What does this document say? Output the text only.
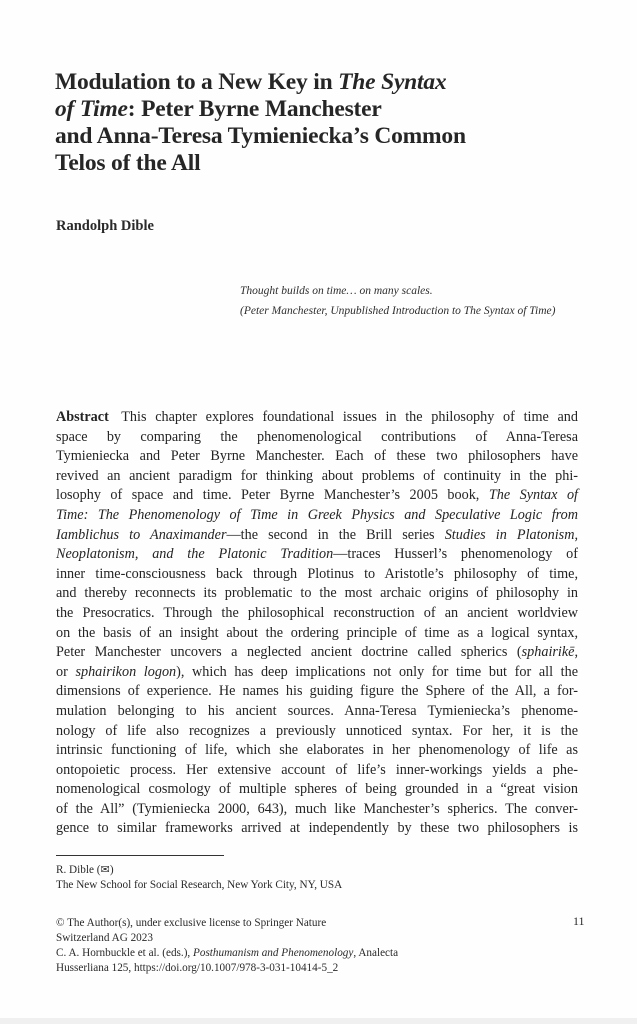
Modulation to a New Key in The Syntax
of Time: Peter Byrne Manchester
and Anna-Teresa Tymieniecka’s Common
Telos of the All
Randolph Dible
Thought builds on time… on many scales.
(Peter Manchester, Unpublished Introduction to The Syntax of Time)
Abstract This chapter explores foundational issues in the philosophy of time and
space by comparing the phenomenological contributions of Anna-Teresa
Tymieniecka and Peter Byrne Manchester. Each of these two philosophers have
revived an ancient paradigm for thinking about problems of continuity in the phi-
losophy of space and time. Peter Byrne Manchester’s 2005 book, The Syntax of
Time: The Phenomenology of Time in Greek Physics and Speculative Logic from
Iamblichus to Anaximander—the second in the Brill series Studies in Platonism,
Neoplatonism, and the Platonic Tradition—traces Husserl’s phenomenology of
inner time-consciousness back through Plotinus to Aristotle’s philosophy of time,
and thereby reconnects its problematic to the most archaic origins of philosophy in
the Presocratics. Through the philosophical reconstruction of an ancient worldview
on the basis of an insight about the ordering principle of time as a logical syntax,
Peter Manchester uncovers a neglected ancient doctrine called spherics (sphairikē,
or sphairikon logon), which has deep implications not only for time but for all the
dimensions of experience. He names his guiding figure the Sphere of the All, a for-
mulation belonging to his ancient sources. Anna-Teresa Tymieniecka’s phenome-
nology of life also recognizes a previously unnoticed syntax. For her, it is the
intrinsic functioning of life, which she elaborates in her phenomenology of life as
ontopoietic process. Her extensive account of life’s inner-workings yields a phe-
nomenological cosmology of multiple spheres of being grounded in a “great vision
of the All” (Tymieniecka 2000, 643), much like Manchester’s spherics. The conver-
gence to similar frameworks arrived at independently by these two philosophers is
R. Dible (✉)
The New School for Social Research, New York City, NY, USA
© The Author(s), under exclusive license to Springer Nature
Switzerland AG 2023
C. A. Hornbuckle et al. (eds.), Posthumanism and Phenomenology, Analecta
Husserliana 125, https://doi.org/10.1007/978-3-031-10414-5_2
11
